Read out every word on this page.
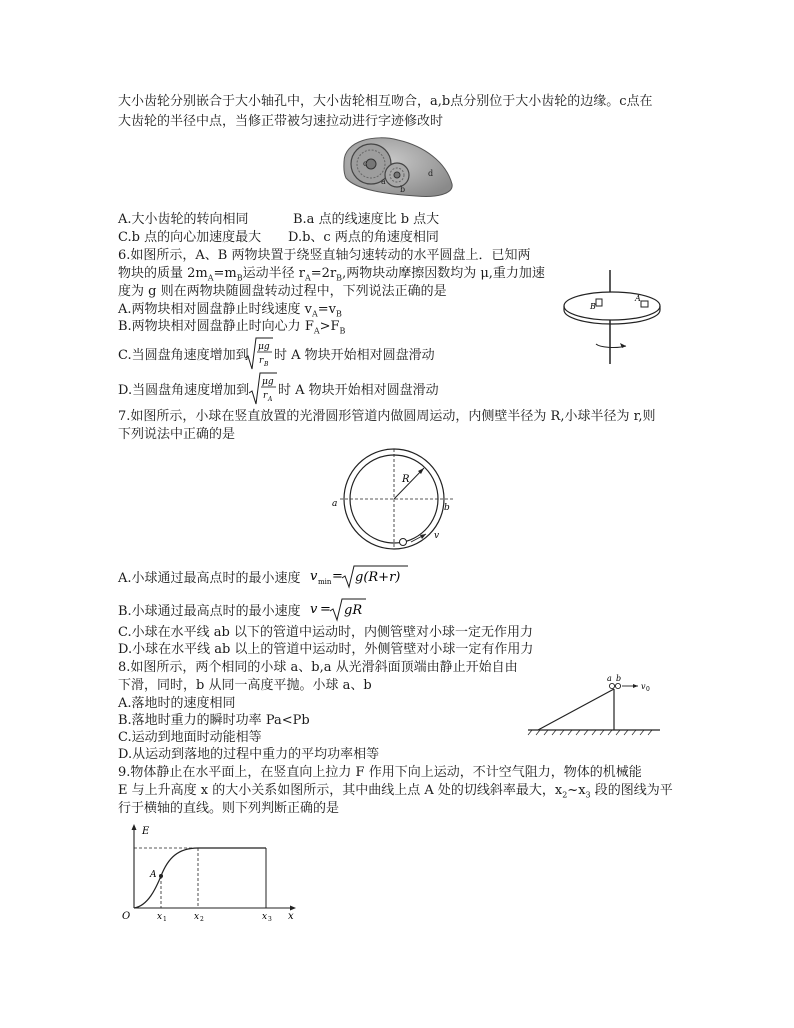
大小齿轮分别嵌合于大小轴孔中，大小齿轮相互吻合，a,b点分别位于大小齿轮的边缘。c点在
大齿轮的半径中点，当修正带被匀速拉动进行字迹修改时
c
a
b
d
A.大小齿轮的转向相同	B.a 点的线速度比 b 点大
C.b 点的向心加速度最大 D.b、c 两点的角速度相同
6.如图所示，A、B 两物块置于绕竖直轴匀速转动的水平圆盘上．已知两
物块的质量 $2m_A=m_B$运动半径 $r_A=2r_B$,两物块动摩擦因数均为 μ,重力加速
度为 g 则在两物块随圆盘转动过程中，下列说法正确的是
A.两物块相对圆盘静止时线速度 $v_A=v_B$
B.两物块相对圆盘静止时向心力 $F_A>F_B$
C.当圆盘角速度增加到
μg
r B
时 A 物块开始相对圆盘滑动
D.当圆盘角速度增加到
μg
r A
时 A 物块开始相对圆盘滑动
B
A
7.如图所示，小球在竖直放置的光滑圆形管道内做圆周运动，内侧壁半径为 R,小球半径为 r,则
下列说法中正确的是
R
a	b
v
A.小球通过最高点时的最小速度 v min = g(R+r)
B.小球通过最高点时的最小速度 v = gR
C.小球在水平线 ab 以下的管道中运动时，内侧管壁对小球一定无作用力
D.小球在水平线 ab 以上的管道中运动时，外侧管壁对小球一定有作用力
8.如图所示，两个相同的小球 a、b,a 从光滑斜面顶端由静止开始自由
下滑，同时，b 从同一高度平抛。小球 a、b
A.落地时的速度相同
B.落地时重力的瞬时功率 Pa<Pb
C.运动到地面时动能相等
D.从运动到落地的过程中重力的平均功率相等
a b
v 0
9.物体静止在水平面上，在竖直向上拉力 F 作用下向上运动，不计空气阻力，物体的机械能
E 与上升高度 x 的大小关系如图所示，其中曲线上点 A 处的切线斜率最大，$x_2\sim x_3$ 段的图线为平
行于横轴的直线。则下列判断正确的是
E
x
O
A
x 1	x 2	x 3
